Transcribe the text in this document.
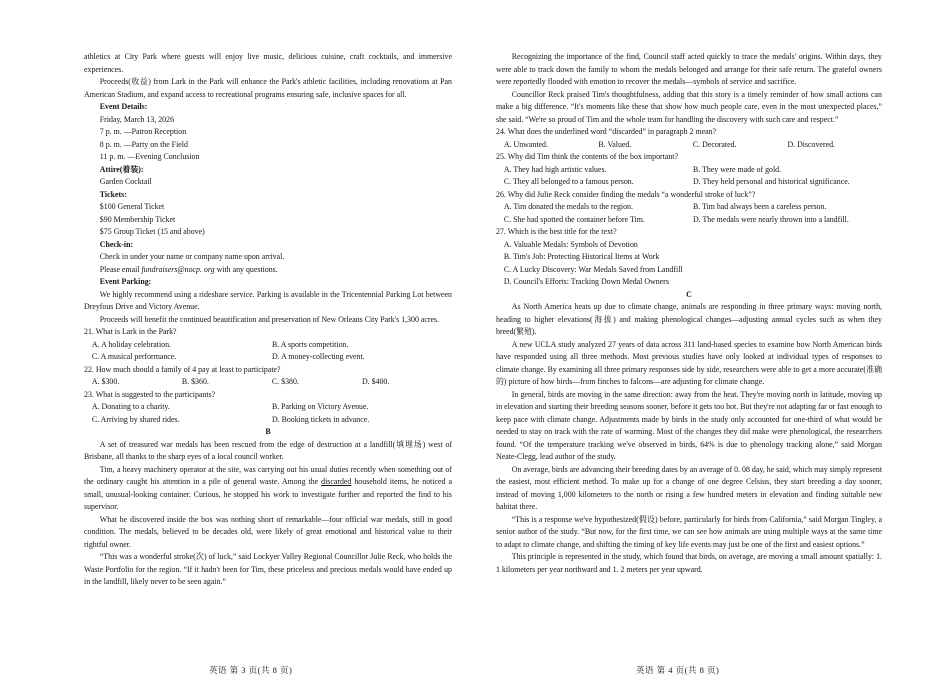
athletics at City Park where guests will enjoy live music, delicious cuisine, craft cocktails, and immersive experiences.

Proceeds(收益) from Lark in the Park will enhance the Park's athletic facilities, including renovations at Pan American Stadium, and expand access to recreational programs ensuring safe, inclusive spaces for all.

Event Details:

Friday, March 13, 2026

7 p. m. —Patron Reception

8 p. m. —Party on the Field

11 p. m. —Evening Conclusion

Attire(着装):

Garden Cocktail

Tickets:

$100 General Ticket

$90 Membership Ticket

$75 Group Ticket (15 and above)

Check-in:

Check in under your name or company name upon arrival.

Please email fundraisers@nocp. org with any questions.

Event Parking:

We highly recommend using a rideshare service. Parking is available in the Tricentennial Parking Lot between Dreyfous Drive and Victory Avenue.

Proceeds will benefit the continued beautification and preservation of New Orleans City Park's 1,300 acres.

21. What is Lark in the Park?

A. A holiday celebration.	B. A sports competition.
C. A musical performance.	D. A money-collecting event.

22. How much should a family of 4 pay at least to participate?

A. $300.	B. $360.	C. $380.	D. $400.

23. What is suggested to the participants?

A. Donating to a charity.	B. Parking on Victory Avenue.
C. Arriving by shared rides.	D. Booking tickets in advance.

B

A set of treasured war medals has been rescued from the edge of destruction at a landfill(填埋场) west of Brisbane, all thanks to the sharp eyes of a local council worker.

Tim, a heavy machinery operator at the site, was carrying out his usual duties recently when something out of the ordinary caught his attention in a pile of general waste. Among the discarded household items, he noticed a small, unusual-looking container. Curious, he stopped his work to investigate further and reported the find to his supervisor.

What he discovered inside the box was nothing short of remarkable—four official war medals, still in good condition. The medals, believed to be decades old, were likely of great emotional and historical value to their rightful owner.

“This was a wonderful stroke(次) of luck,” said Lockyer Valley Regional Councillor Julie Reck, who holds the Waste Portfolio for the region. “If it hadn't been for Tim, these priceless and precious medals would have ended up in the landfill, likely never to be seen again.”

Recognizing the importance of the find, Council staff acted quickly to trace the medals' origins. Within days, they were able to track down the family to whom the medals belonged and arrange for their safe return. The grateful owners were reportedly flooded with emotion to recover the medals—symbols of service and sacrifice.

Councillor Reck praised Tim's thoughtfulness, adding that this story is a timely reminder of how small actions can make a big difference. “It's moments like these that show how much people care, even in the most unexpected places,” she said. “We're so proud of Tim and the whole team for handling the discovery with such care and respect.”

24. What does the underlined word “discarded” in paragraph 2 mean?

A. Unwanted.	B. Valued.	C. Decorated.	D. Discovered.

25. Why did Tim think the contents of the box important?

A. They had high artistic values.	B. They were made of gold.
C. They all belonged to a famous person.	D. They held personal and historical significance.

26. Why did Julie Reck consider finding the medals “a wonderful stroke of luck”?

A. Tim donated the medals to the region.	B. Tim had always been a careless person.
C. She had spotted the container before Tim.	D. The medals were nearly thrown into a landfill.

27. Which is the best title for the text?

A. Valuable Medals: Symbols of Devotion

B. Tim's Job: Protecting Historical Items at Work

C. A Lucky Discovery: War Medals Saved from Landfill

D. Council's Efforts: Tracking Down Medal Owners

C

As North America heats up due to climate change, animals are responding in three primary ways: moving north, heading to higher elevations(海拔) and making phenological changes—adjusting annual cycles such as when they breed(繁殖).

A new UCLA study analyzed 27 years of data across 311 land-based species to examine how North American birds have responded using all three methods. Most previous studies have only looked at individual types of responses to climate change. By examining all three primary responses side by side, researchers were able to get a more accurate(准确的) picture of how birds—from finches to falcons—are adjusting for climate change.

In general, birds are moving in the same direction: away from the heat. They're moving north in latitude, moving up in elevation and starting their breeding seasons sooner, before it gets too hot. But they're not adapting far or fast enough to keep pace with climate change. Adjustments made by birds in the study only accounted for one-third of what would be needed to stay on track with the rate of warming. Most of the changes they did make were phenological, the researchers found. “Of the temperature tracking we've observed in birds, 64% is due to phenology tracking alone,” said Morgan Neate-Clegg, lead author of the study.

On average, birds are advancing their breeding dates by an average of 0. 08 day, he said, which may simply represent the easiest, most efficient method. To make up for a change of one degree Celsius, they start breeding a day sooner, instead of moving 1,000 kilometers to the north or rising a few hundred meters in elevation and finding suitable new habitat there.

“This is a response we've hypothesized(假设) before, particularly for birds from California,” said Morgan Tingley, a senior author of the study. “But now, for the first time, we can see how animals are using multiple ways at the same time to adapt to climate change, and shifting the timing of key life events may just be one of the first and easiest options.”

This principle is represented in the study, which found that birds, on average, are moving a small amount spatially: 1. 1 kilometers per year northward and 1. 2 meters per year upward.

英语 第 3 页(共 8 页)	英语 第 4 页(共 8 页)
